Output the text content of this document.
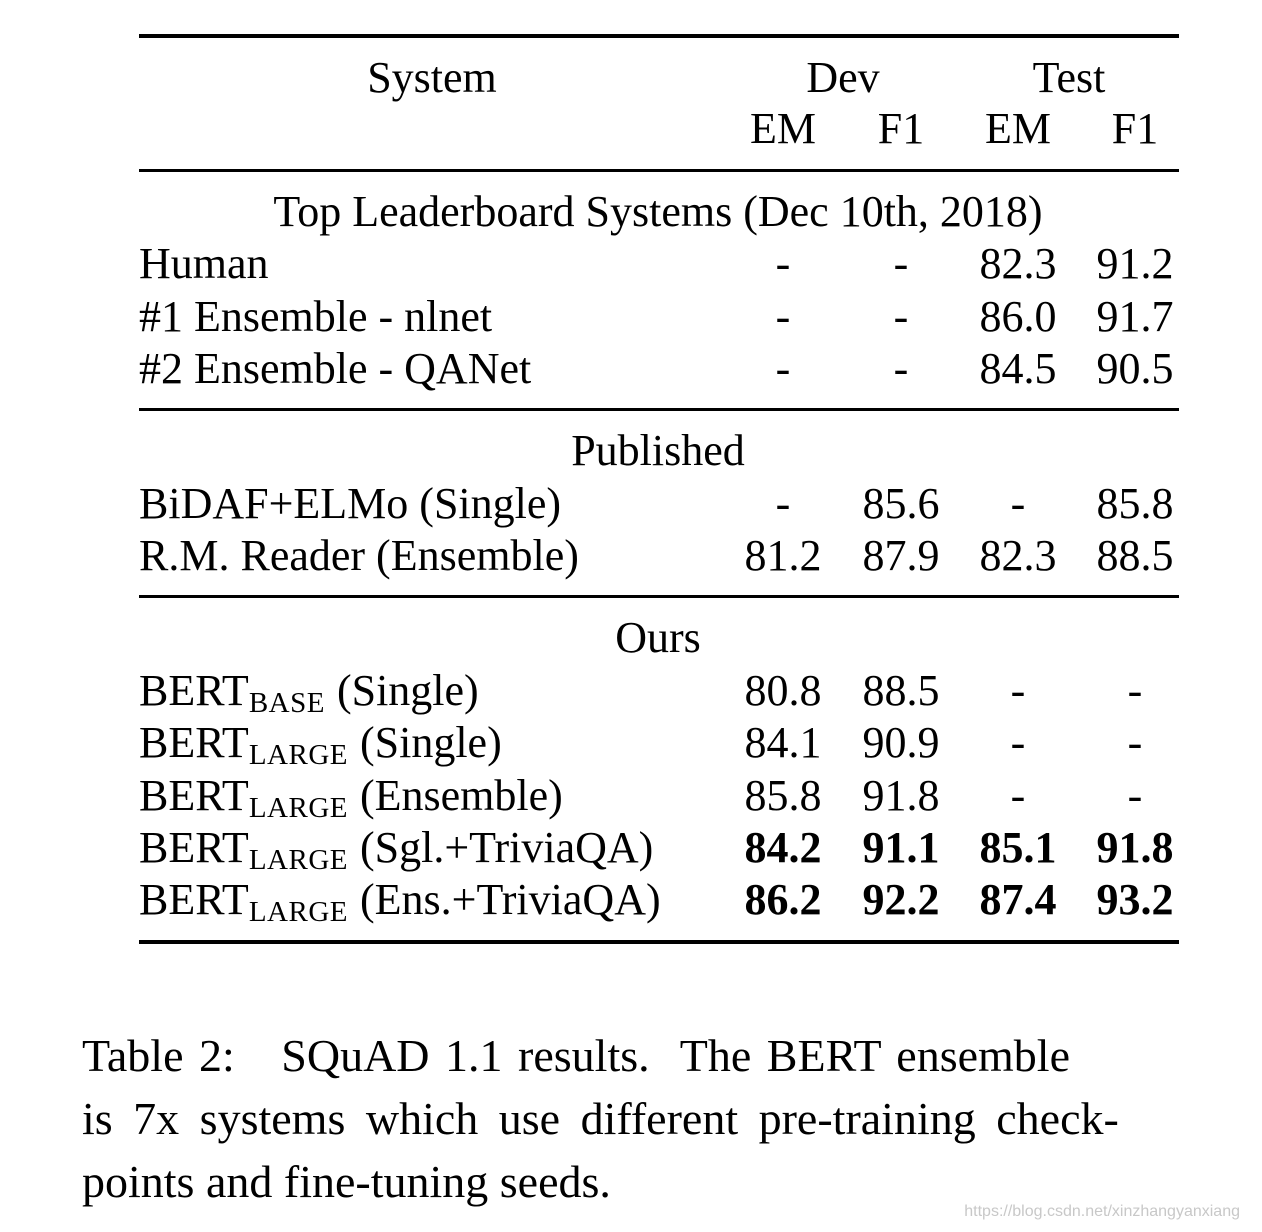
System	Dev	Test
EM F1 EM F1
Top Leaderboard Systems (Dec 10th, 2018)
Human	- - 82.3 91.2
#1 Ensemble - nlnet	- - 86.0 91.7
#2 Ensemble - QANet	- - 84.5 90.5
Published
BiDAF+ELMo (Single)	- 85.6 - 85.8
R.M. Reader (Ensemble)	81.2 87.9 82.3 88.5
Ours
BERTBASE (Single)	80.8 88.5 - -
BERTLARGE (Single)	84.1 90.9 - -
BERTLARGE (Ensemble)	85.8 91.8 - -
BERTLARGE (Sgl.+TriviaQA) 84.2 91.1 85.1 91.8
BERTLARGE (Ens.+TriviaQA) 86.2 92.2 87.4 93.2
Table 2:   SQuAD 1.1 results.  The BERT ensemble
is 7x systems which use different pre-training check-
points and fine-tuning seeds.
https://blog.csdn.net/xinzhangyanxiang
